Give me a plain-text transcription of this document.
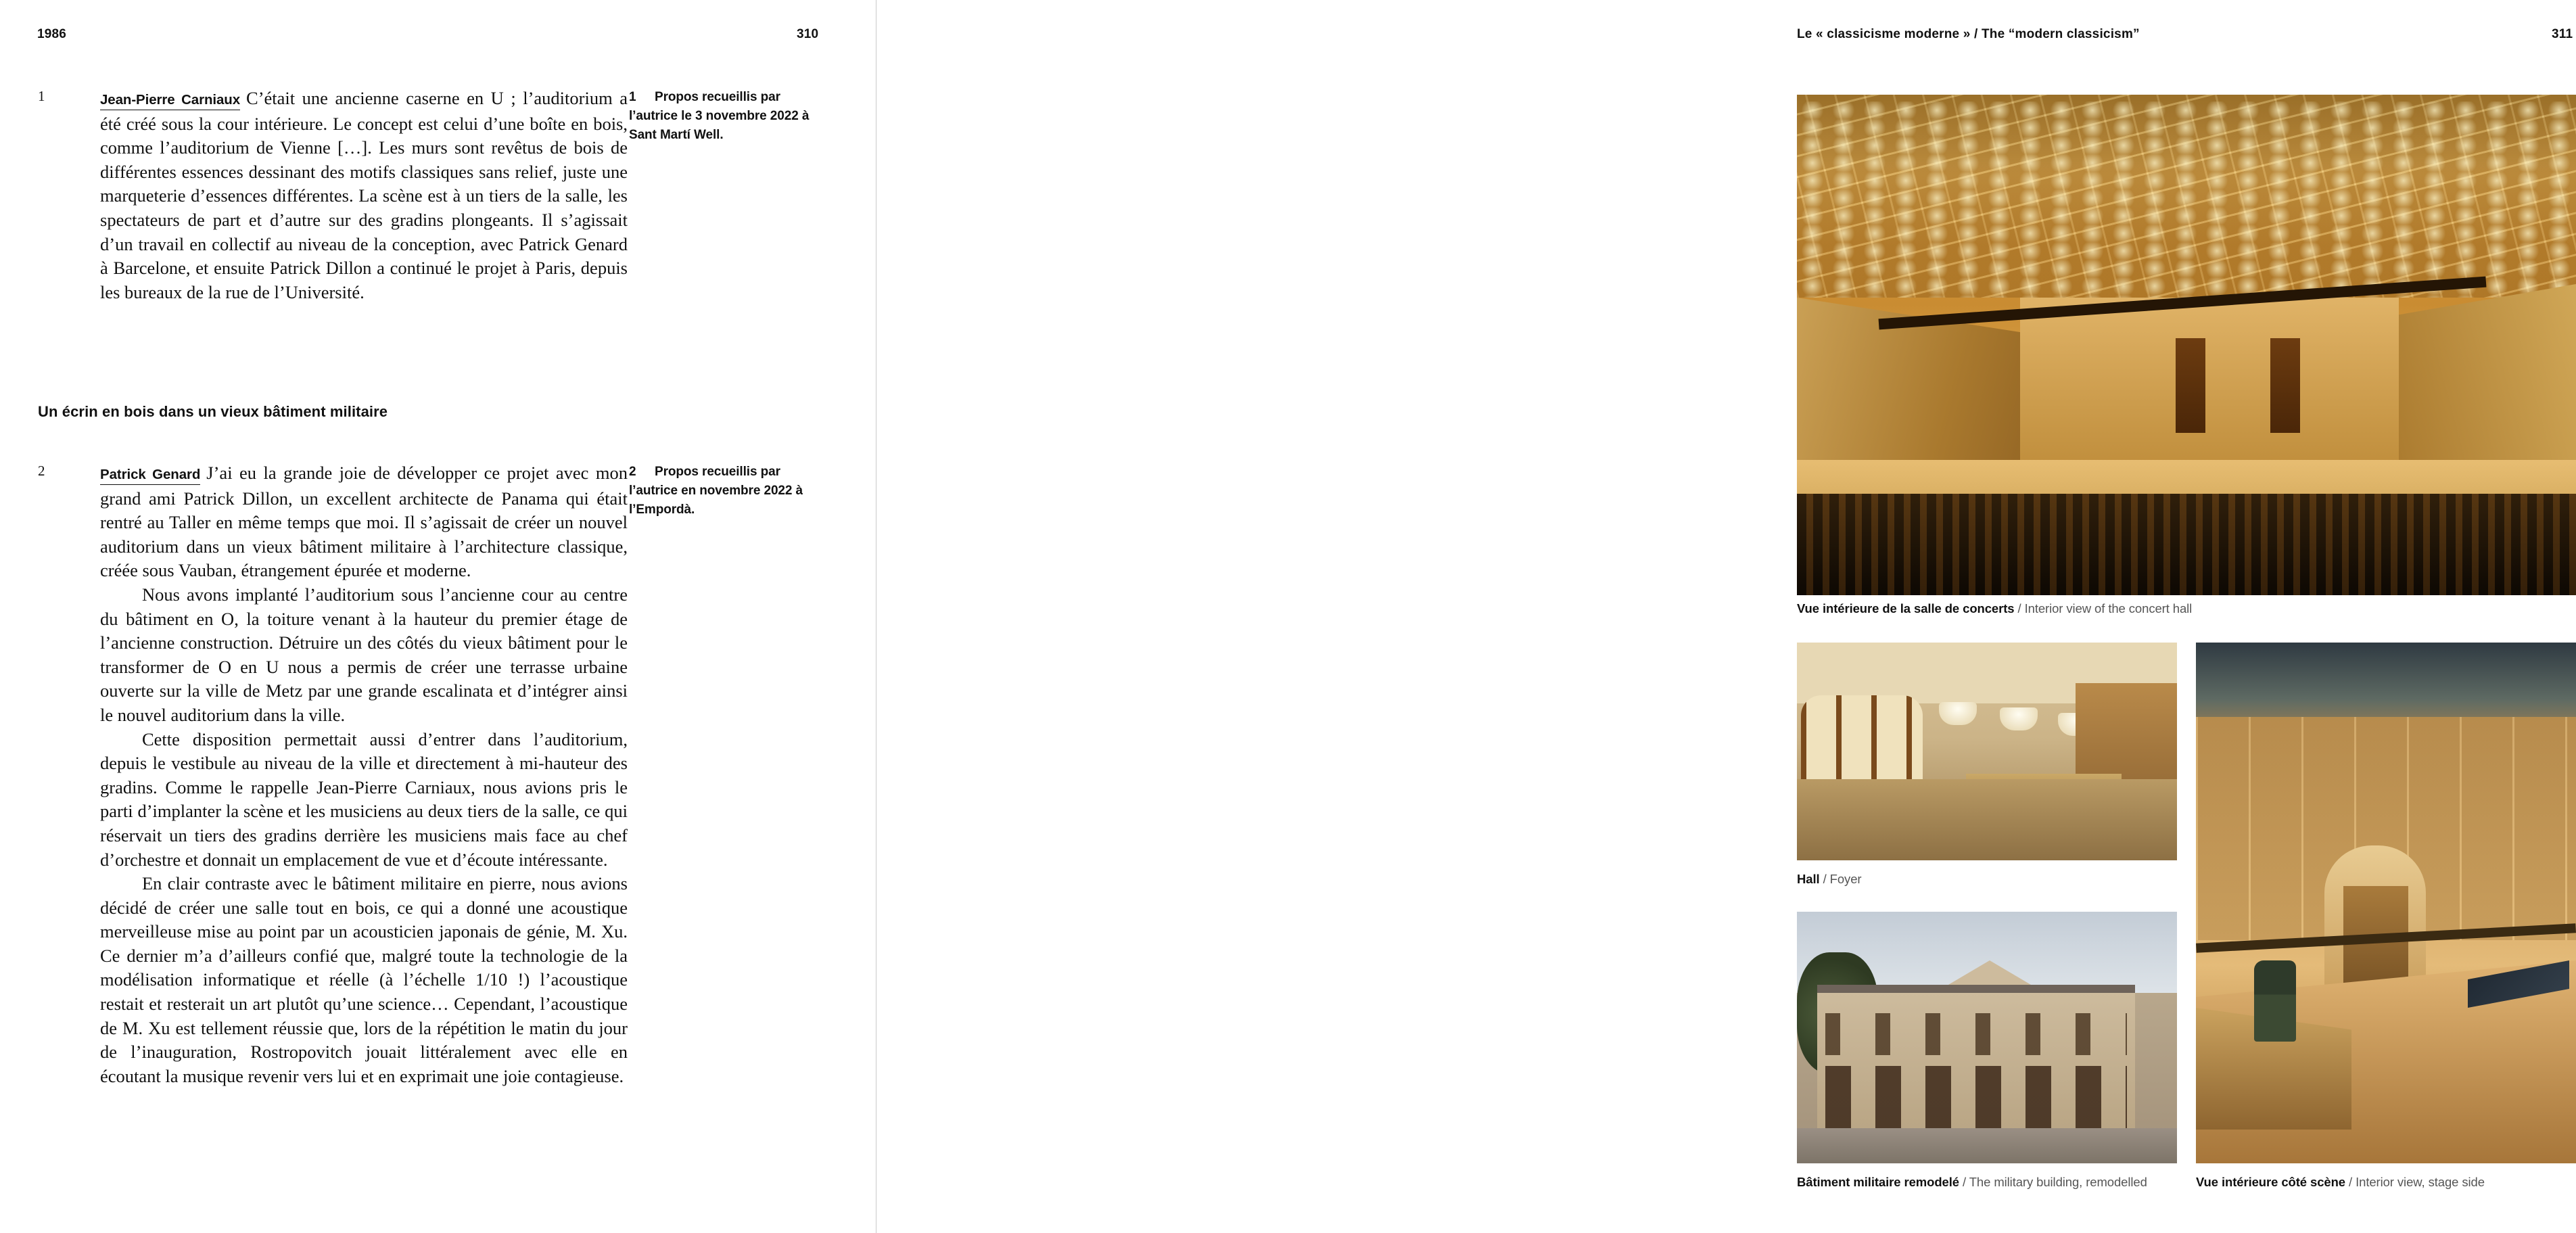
1986	310
1	Jean-Pierre Carniaux C’était une ancienne caserne en U ; l’auditorium a été créé sous la cour intérieure. Le concept est celui d’une boîte en bois, comme l’auditorium de Vienne […]. Les murs sont revêtus de bois de différentes essences dessinant des motifs classiques sans relief, juste une marqueterie d’essences différentes. La scène est à un tiers de la salle, les spectateurs de part et d’autre sur des gradins plongeants. Il s’agissait d’un travail en collectif au niveau de la conception, avec Patrick Genard à Barcelone, et ensuite Patrick Dillon a continué le projet à Paris, depuis les bureaux de la rue de l’Université.

1 Propos recueillis par l’autrice le 3 novembre 2022 à Sant Martí Well.
Un écrin en bois dans un vieux bâtiment militaire
2	Patrick Genard J’ai eu la grande joie de développer ce projet avec mon grand ami Patrick Dillon, un excellent architecte de Panama qui était rentré au Taller en même temps que moi. Il s’agissait de créer un nouvel auditorium dans un vieux bâtiment militaire à l’architecture classique, créée sous Vauban, étrangement épurée et moderne.

Nous avons implanté l’auditorium sous l’ancienne cour au centre du bâtiment en O, la toiture venant à la hauteur du premier étage de l’ancienne construction. Détruire un des côtés du vieux bâtiment pour le transformer de O en U nous a permis de créer une terrasse urbaine ouverte sur la ville de Metz par une grande escalinata et d’intégrer ainsi le nouvel auditorium dans la ville.

Cette disposition permettait aussi d’entrer dans l’auditorium, depuis le vestibule au niveau de la ville et directement à mi-hauteur des gradins. Comme le rappelle Jean-Pierre Carniaux, nous avions pris le parti d’implanter la scène et les musiciens au deux tiers de la salle, ce qui réservait un tiers des gradins derrière les musiciens mais face au chef d’orchestre et donnait un emplacement de vue et d’écoute intéressante.

En clair contraste avec le bâtiment militaire en pierre, nous avions décidé de créer une salle tout en bois, ce qui a donné une acoustique merveilleuse mise au point par un acousticien japonais de génie, M. Xu. Ce dernier m’a d’ailleurs confié que, malgré toute la technologie de la modélisation informatique et réelle (à l’échelle 1/10 !) l’acoustique restait et resterait un art plutôt qu’une science… Cependant, l’acoustique de M. Xu est tellement réussie que, lors de la répétition le matin du jour de l’inauguration, Rostropovitch jouait littéralement avec elle en écoutant la musique revenir vers lui et en exprimait une joie contagieuse.

2 Propos recueillis par l’autrice en novembre 2022 à l’Empordà.
Le « classicisme moderne » / The “modern classicism”	311
Vue intérieure de la salle de concerts / Interior view of the concert hall
Hall / Foyer
Bâtiment militaire remodelé / The military building, remodelled	Vue intérieure côté scène / Interior view, stage side
